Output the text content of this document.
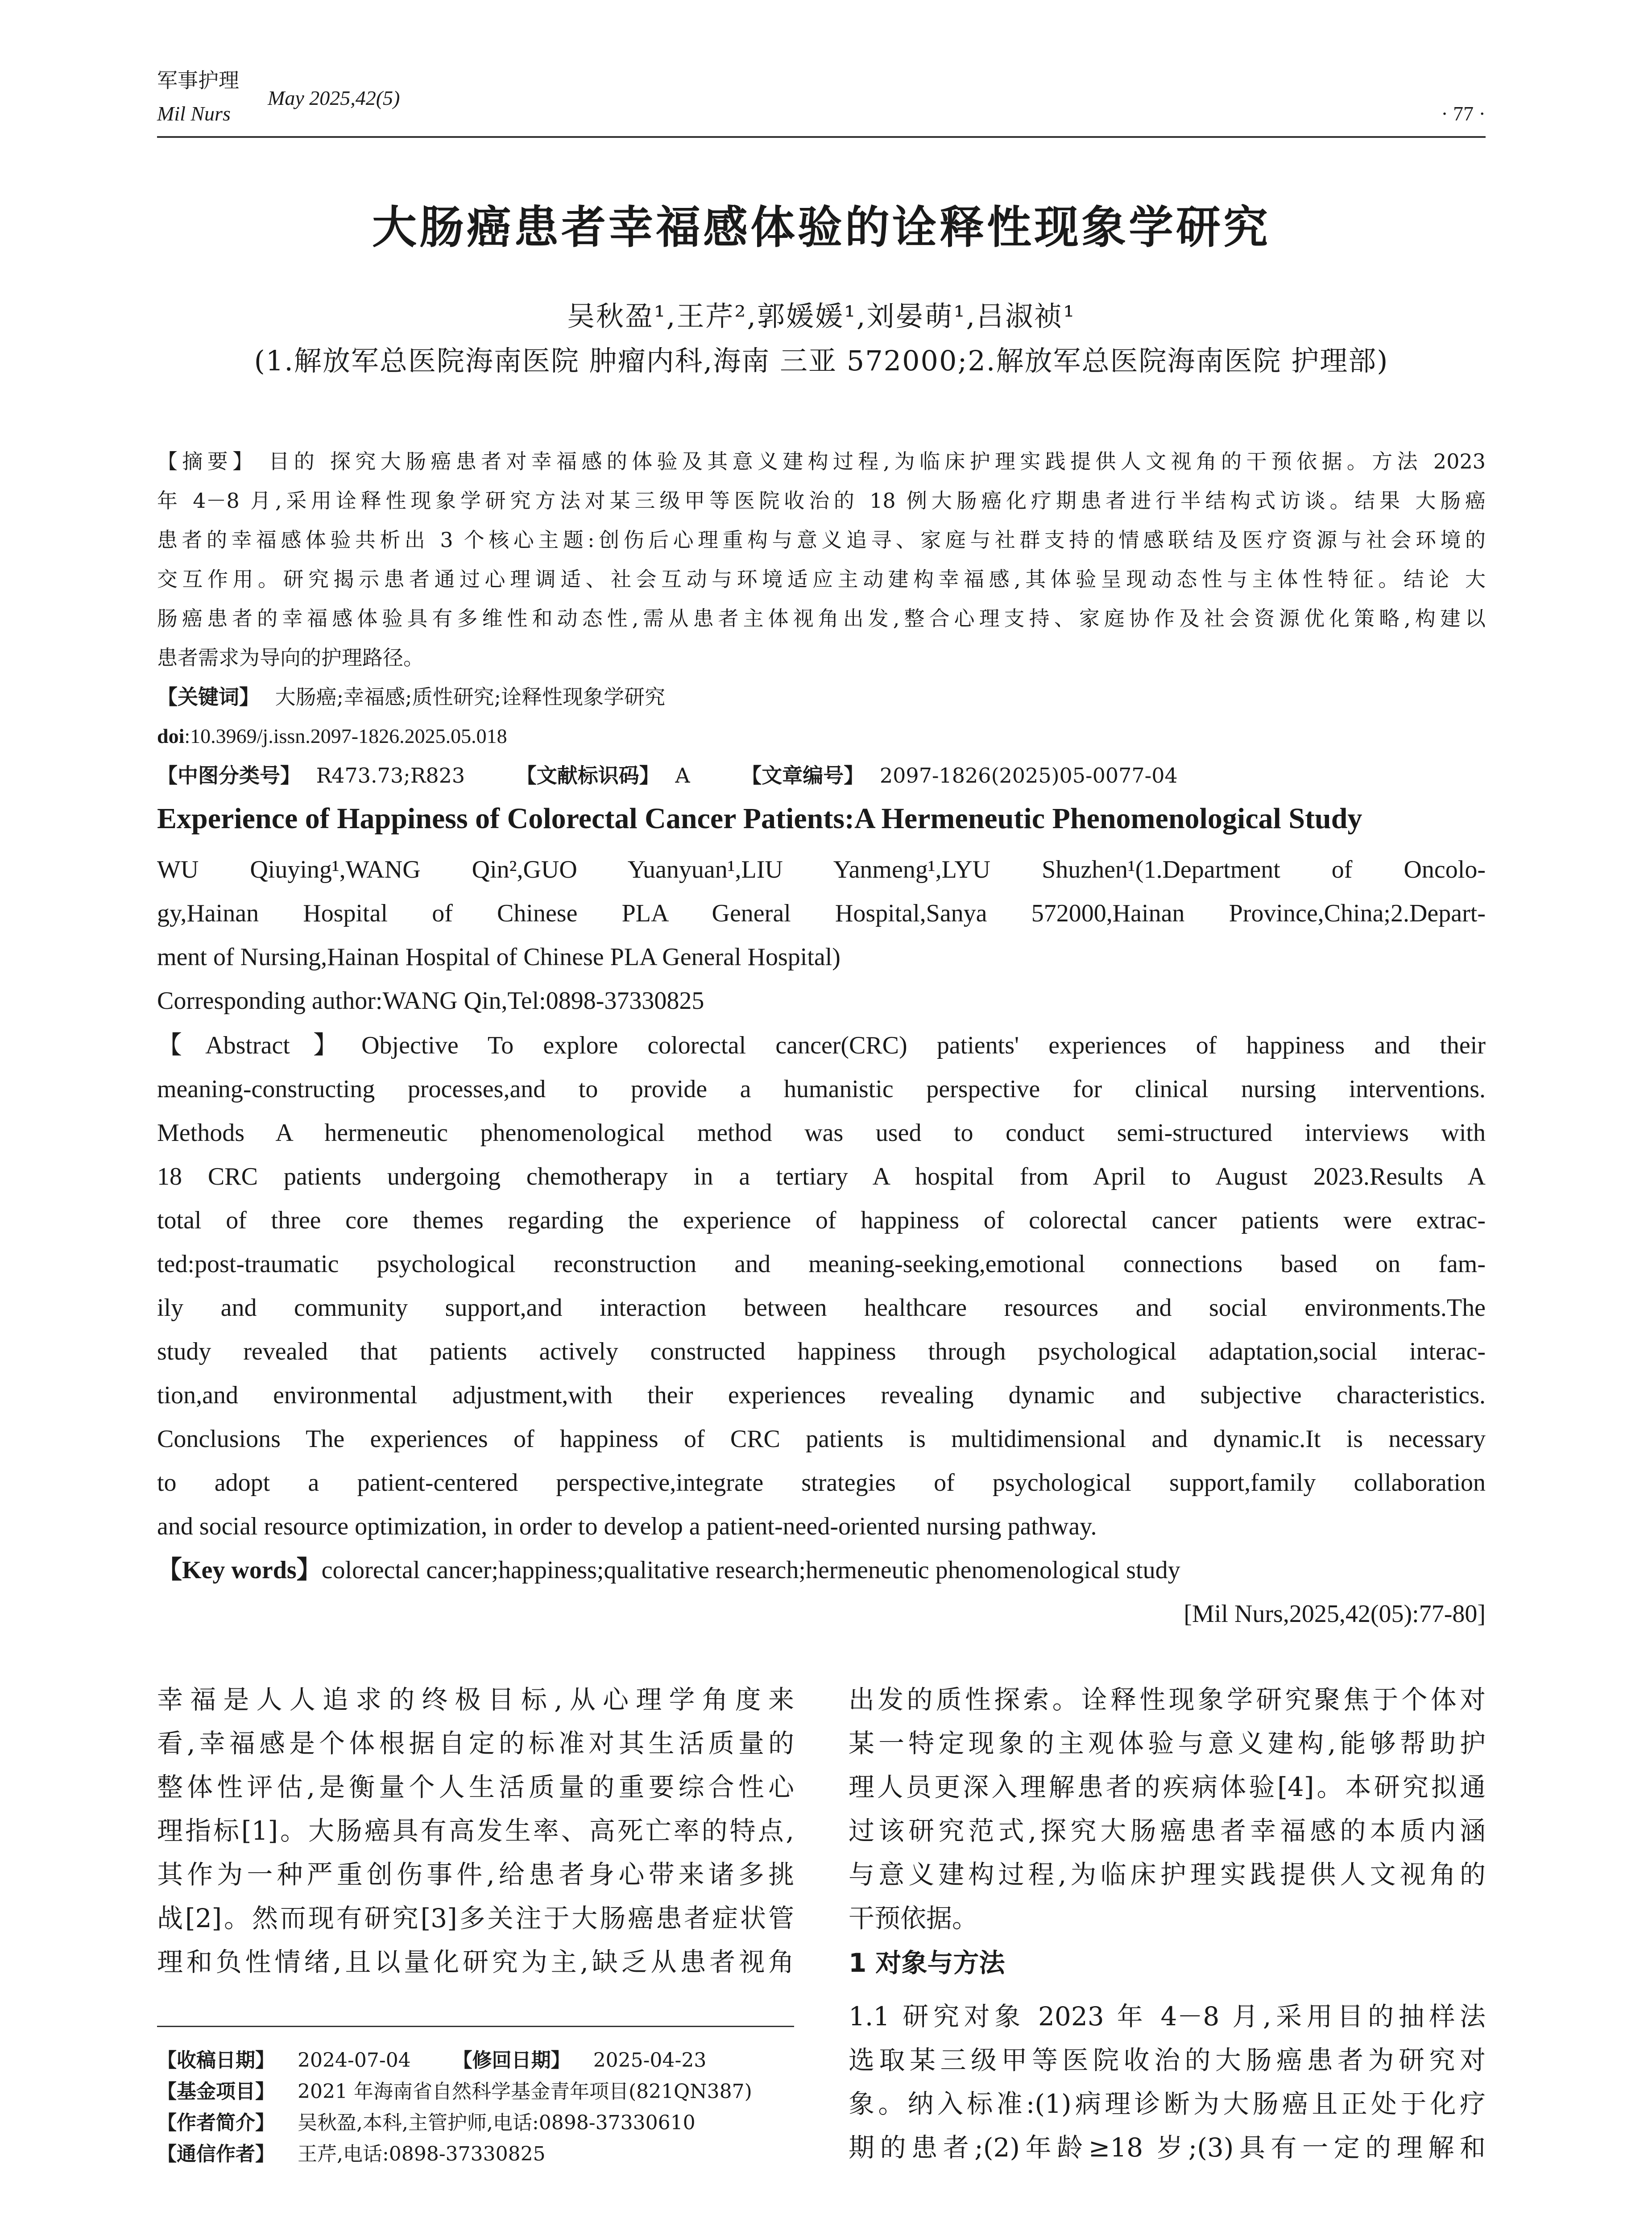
军事护理
Mil Nurs
May 2025,42(5)
· 77 ·
大肠癌患者幸福感体验的诠释性现象学研究
吴秋盈¹,王芹²,郭媛媛¹,刘晏萌¹,吕淑祯¹
(1.解放军总医院海南医院 肿瘤内科,海南 三亚 572000;2.解放军总医院海南医院 护理部)
【摘要】 目的 探究大肠癌患者对幸福感的体验及其意义建构过程,为临床护理实践提供人文视角的干预依据。方法 2023
年 4－8 月,采用诠释性现象学研究方法对某三级甲等医院收治的 18 例大肠癌化疗期患者进行半结构式访谈。结果 大肠癌
患者的幸福感体验共析出 3 个核心主题:创伤后心理重构与意义追寻、家庭与社群支持的情感联结及医疗资源与社会环境的
交互作用。研究揭示患者通过心理调适、社会互动与环境适应主动建构幸福感,其体验呈现动态性与主体性特征。结论 大
肠癌患者的幸福感体验具有多维性和动态性,需从患者主体视角出发,整合心理支持、家庭协作及社会资源优化策略,构建以
患者需求为导向的护理路径。
【关键词】 大肠癌;幸福感;质性研究;诠释性现象学研究
doi:10.3969/j.issn.2097-1826.2025.05.018
【中图分类号】 R473.73;R823 【文献标识码】 A 【文章编号】 2097-1826(2025)05-0077-04
Experience of Happiness of Colorectal Cancer Patients:A Hermeneutic Phenomenological Study
WU Qiuying¹,WANG Qin²,GUO Yuanyuan¹,LIU Yanmeng¹,LYU Shuzhen¹(1.Department of Oncolo-
gy,Hainan Hospital of Chinese PLA General Hospital,Sanya 572000,Hainan Province,China;2.Depart-
ment of Nursing,Hainan Hospital of Chinese PLA General Hospital)
Corresponding author:WANG Qin,Tel:0898-37330825
【Abstract】Objective To explore colorectal cancer(CRC) patients' experiences of happiness and their
meaning-constructing processes,and to provide a humanistic perspective for clinical nursing interventions.
Methods A hermeneutic phenomenological method was used to conduct semi-structured interviews with
18 CRC patients undergoing chemotherapy in a tertiary A hospital from April to August 2023.Results A
total of three core themes regarding the experience of happiness of colorectal cancer patients were extrac-
ted:post-traumatic psychological reconstruction and meaning-seeking,emotional connections based on fam-
ily and community support,and interaction between healthcare resources and social environments.The
study revealed that patients actively constructed happiness through psychological adaptation,social interac-
tion,and environmental adjustment,with their experiences revealing dynamic and subjective characteristics.
Conclusions The experiences of happiness of CRC patients is multidimensional and dynamic.It is necessary
to adopt a patient-centered perspective,integrate strategies of psychological support,family collaboration
and social resource optimization, in order to develop a patient-need-oriented nursing pathway.
【Key words】colorectal cancer;happiness;qualitative research;hermeneutic phenomenological study
[Mil Nurs,2025,42(05):77-80]
幸福是人人追求的终极目标,从心理学角度来
看,幸福感是个体根据自定的标准对其生活质量的
整体性评估,是衡量个人生活质量的重要综合性心
理指标[1]。大肠癌具有高发生率、高死亡率的特点,
其作为一种严重创伤事件,给患者身心带来诸多挑
战[2]。然而现有研究[3]多关注于大肠癌患者症状管
理和负性情绪,且以量化研究为主,缺乏从患者视角
出发的质性探索。诠释性现象学研究聚焦于个体对
某一特定现象的主观体验与意义建构,能够帮助护
理人员更深入理解患者的疾病体验[4]。本研究拟通
过该研究范式,探究大肠癌患者幸福感的本质内涵
与意义建构过程,为临床护理实践提供人文视角的
干预依据。
1 对象与方法
1.1 研究对象 2023 年 4－8 月,采用目的抽样法
选取某三级甲等医院收治的大肠癌患者为研究对
象。纳入标准:(1)病理诊断为大肠癌且正处于化疗
期的患者;(2)年龄≥18 岁;(3)具有一定的理解和
【收稿日期】 2024-07-04 【修回日期】 2025-04-23
【基金项目】 2021 年海南省自然科学基金青年项目(821QN387)
【作者简介】 吴秋盈,本科,主管护师,电话:0898-37330610
【通信作者】 王芹,电话:0898-37330825
